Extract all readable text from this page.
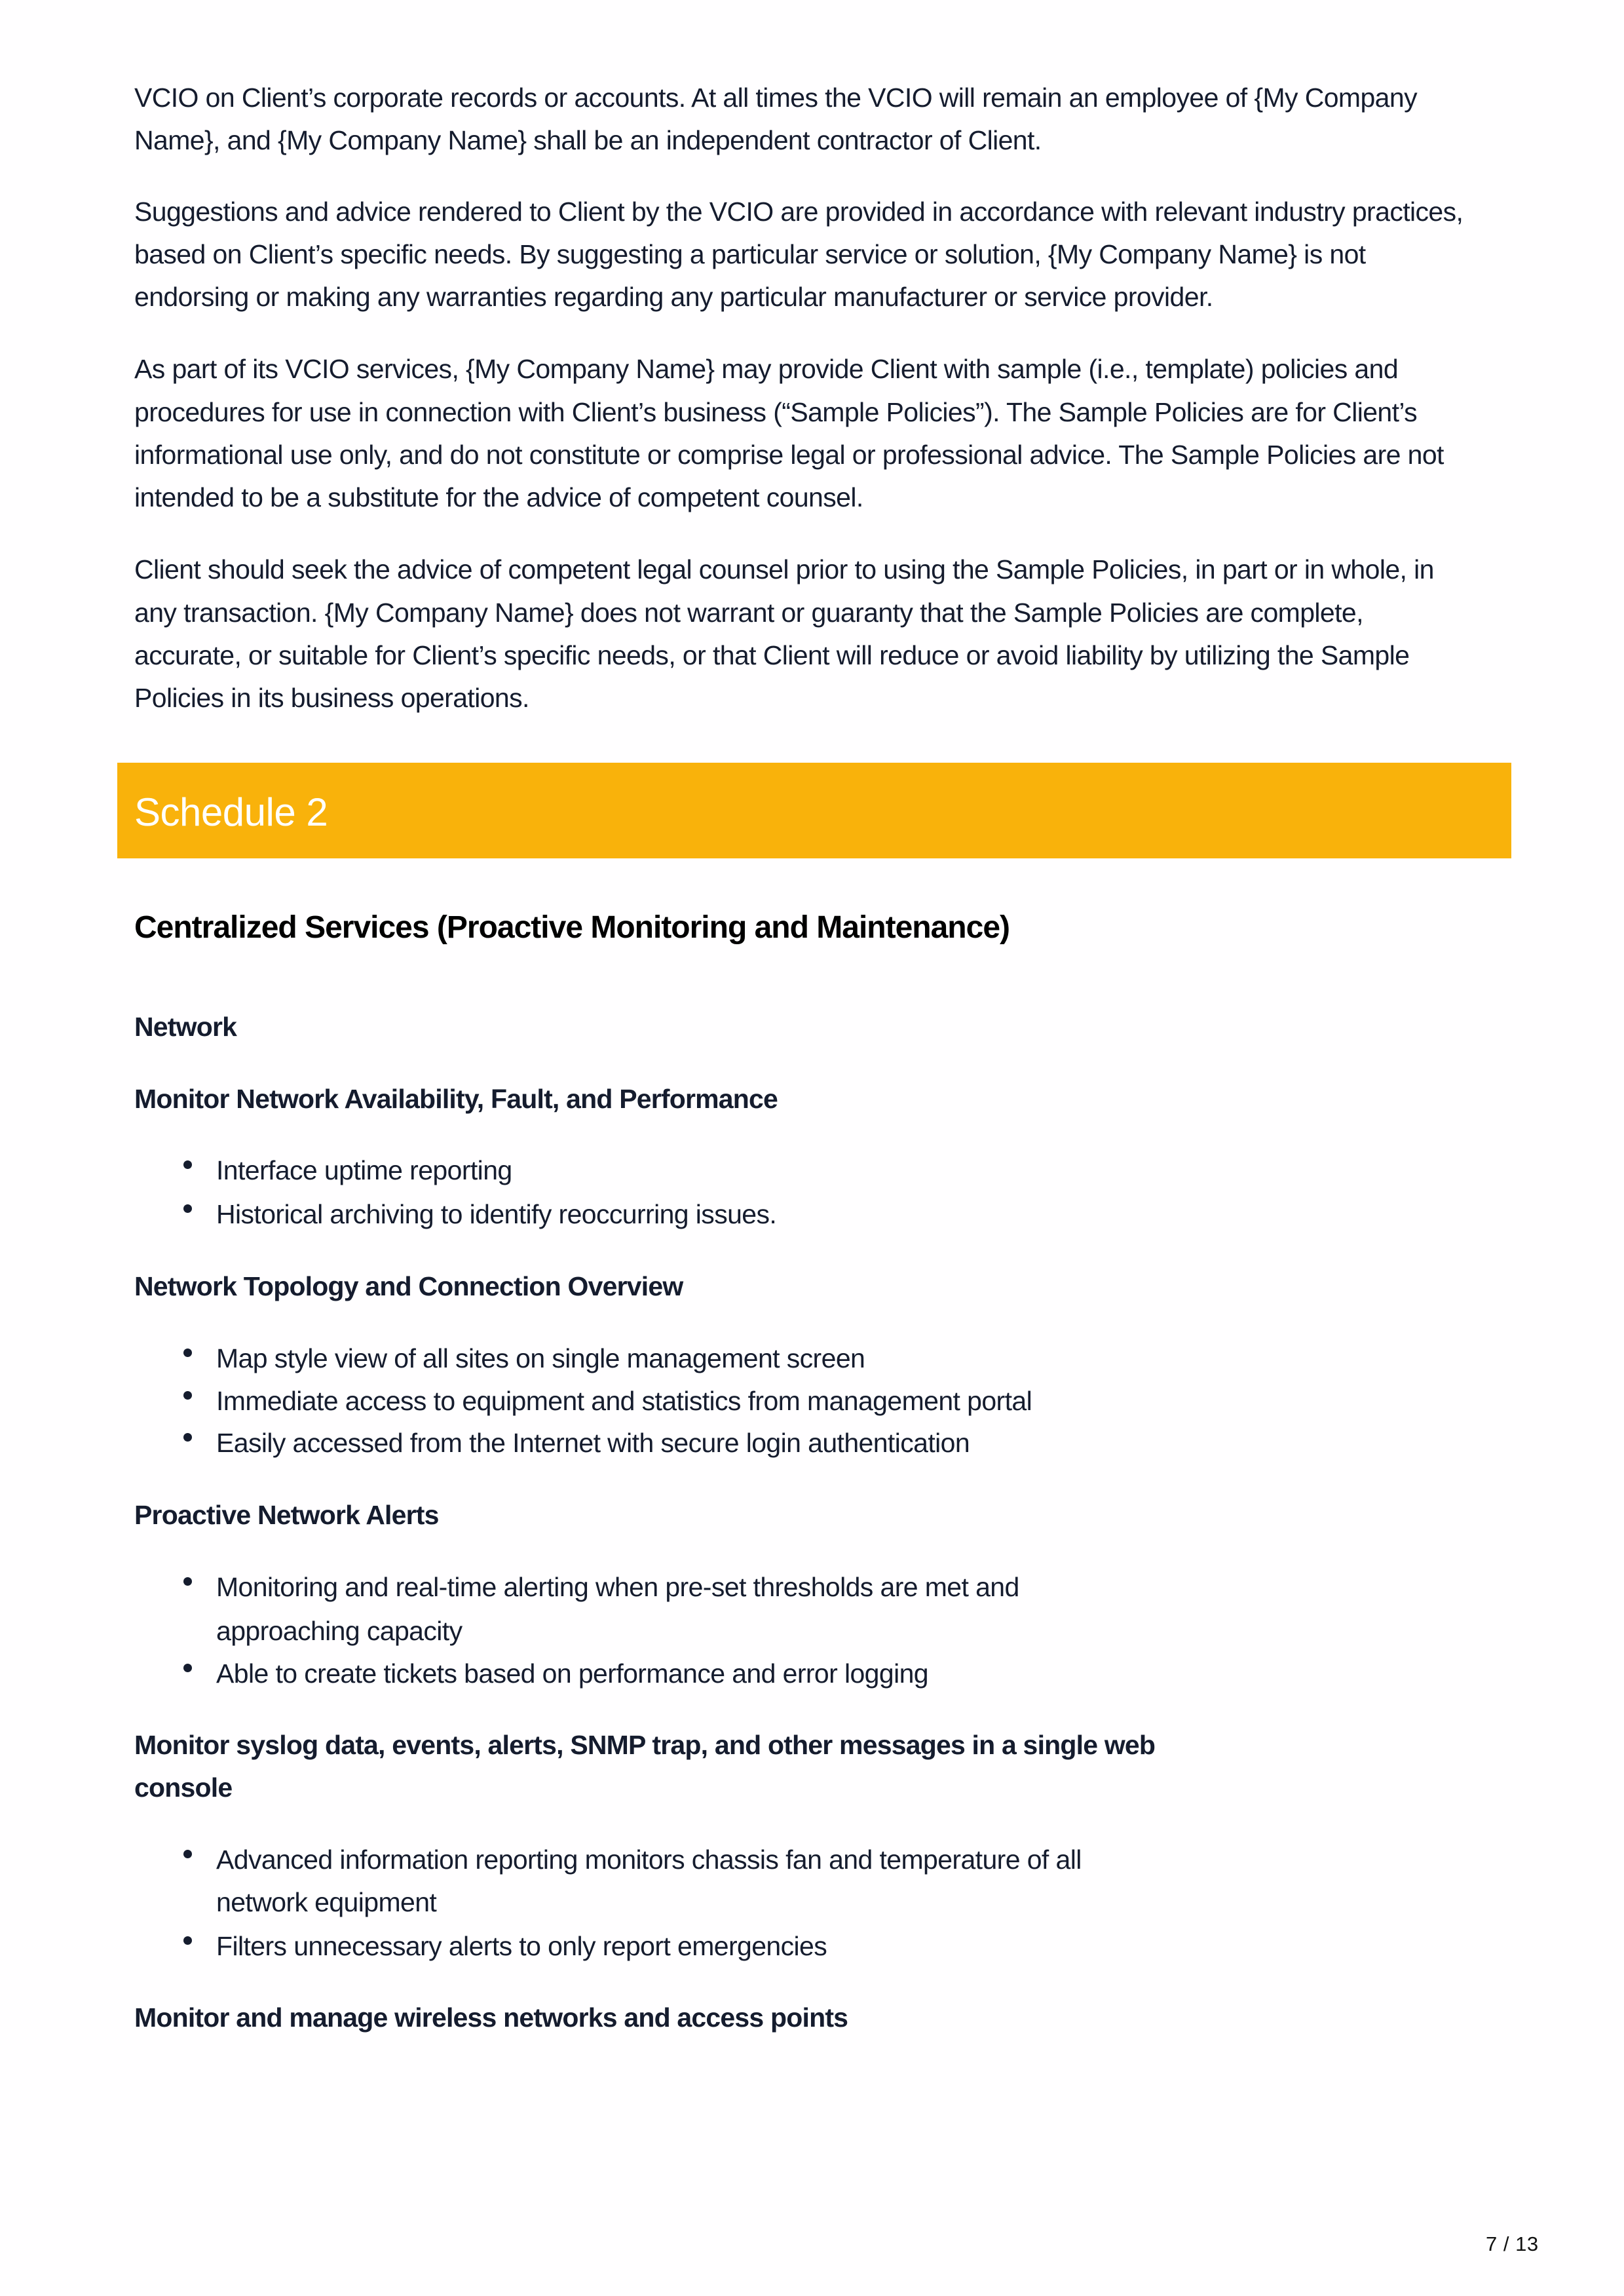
VCIO on Client’s corporate records or accounts. At all times the VCIO will remain an employee of {My Company
Name}, and {My Company Name} shall be an independent contractor of Client.
Suggestions and advice rendered to Client by the VCIO are provided in accordance with relevant industry practices,
based on Client’s specific needs. By suggesting a particular service or solution, {My Company Name} is not
endorsing or making any warranties regarding any particular manufacturer or service provider.
As part of its VCIO services, {My Company Name} may provide Client with sample (i.e., template) policies and
procedures for use in connection with Client’s business (“Sample Policies”). The Sample Policies are for Client’s
informational use only, and do not constitute or comprise legal or professional advice. The Sample Policies are not
intended to be a substitute for the advice of competent counsel.
Client should seek the advice of competent legal counsel prior to using the Sample Policies, in part or in whole, in
any transaction. {My Company Name} does not warrant or guaranty that the Sample Policies are complete,
accurate, or suitable for Client’s specific needs, or that Client will reduce or avoid liability by utilizing the Sample
Policies in its business operations.
Schedule 2
Centralized Services (Proactive Monitoring and Maintenance)
Network
Monitor Network Availability, Fault, and Performance
Interface uptime reporting
Historical archiving to identify reoccurring issues.
Network Topology and Connection Overview
Map style view of all sites on single management screen
Immediate access to equipment and statistics from management portal
Easily accessed from the Internet with secure login authentication
Proactive Network Alerts
Monitoring and real-time alerting when pre-set thresholds are met and
approaching capacity
Able to create tickets based on performance and error logging
Monitor syslog data, events, alerts, SNMP trap, and other messages in a single web
console
Advanced information reporting monitors chassis fan and temperature of all
network equipment
Filters unnecessary alerts to only report emergencies
Monitor and manage wireless networks and access points
7 / 13
